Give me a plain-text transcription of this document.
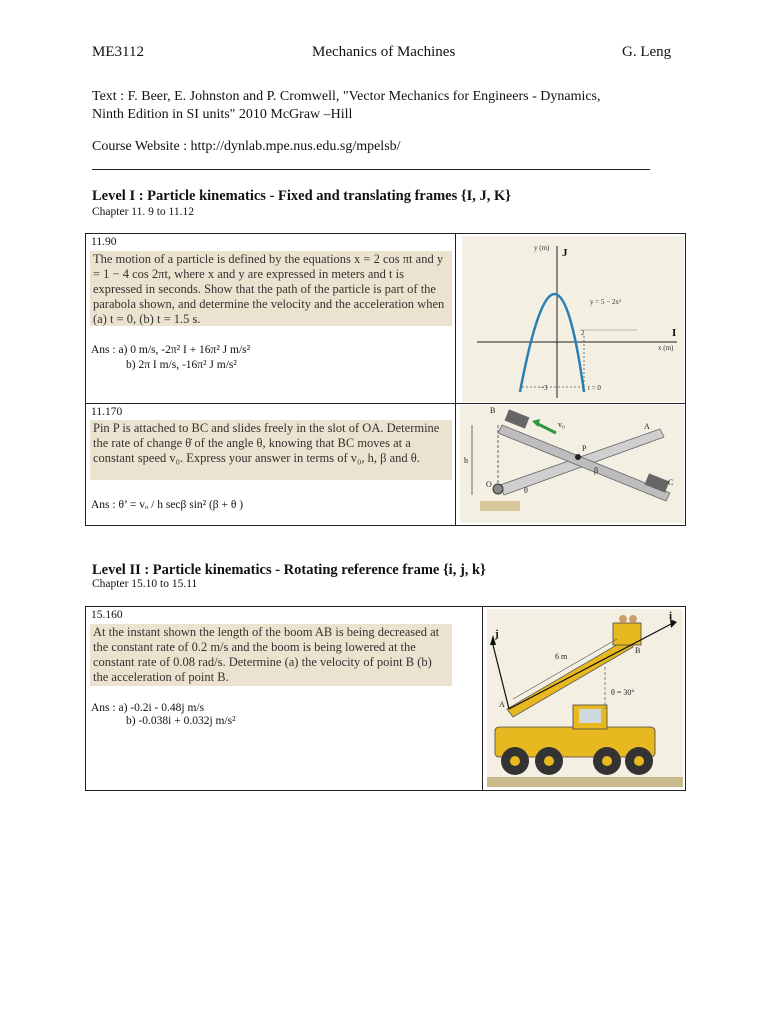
ME3112	Mechanics of Machines	G. Leng
Text : F. Beer, E. Johnston and P. Cromwell, "Vector Mechanics for Engineers - Dynamics,
Ninth Edition in SI units" 2010 McGraw –Hill
Course Website : http://dynlab.mpe.nus.edu.sg/mpelsb/
Level I : Particle kinematics - Fixed and translating frames {I, J, K}
Chapter 11. 9 to 11.12
11.90
The motion of a particle is defined by the equations x = 2 cos πt and y = 1 − 4 cos 2πt, where x and y are expressed in meters and t is expressed in seconds. Show that the path of the particle is part of the parabola shown, and determine the velocity and the acceleration when (a) t = 0, (b) t = 1.5 s.
Ans : a) 0 m/s, -2π² I + 16π² J m/s²
b) 2π I m/s, -16π² J m/s²
y (m) J
I
x (m)
y = 5 − 2x²
2
−3	t = 0
11.170
Pin P is attached to BC and slides freely in the slot of OA. Determine the rate of change θ̇ of the angle θ, knowing that BC moves at a constant speed v₀. Express your answer in terms of v₀, h, β and θ.
Ans : θ’ = vₒ / h secβ sin² (β + θ )
B
A
P
C
O
h
β
θ
v₀
Level II : Particle kinematics - Rotating reference frame {i, j, k}
Chapter 15.10 to 15.11
15.160
At the instant shown the length of the boom AB is being decreased at the constant rate of 0.2 m/s and the boom is being lowered at the constant rate of 0.08 rad/s. Determine (a) the velocity of point B (b) the acceleration of point B.
Ans : a) -0.2i - 0.48j m/s
b) -0.038i + 0.032j m/s²
i
j
6 m
θ = 30°
A
B
